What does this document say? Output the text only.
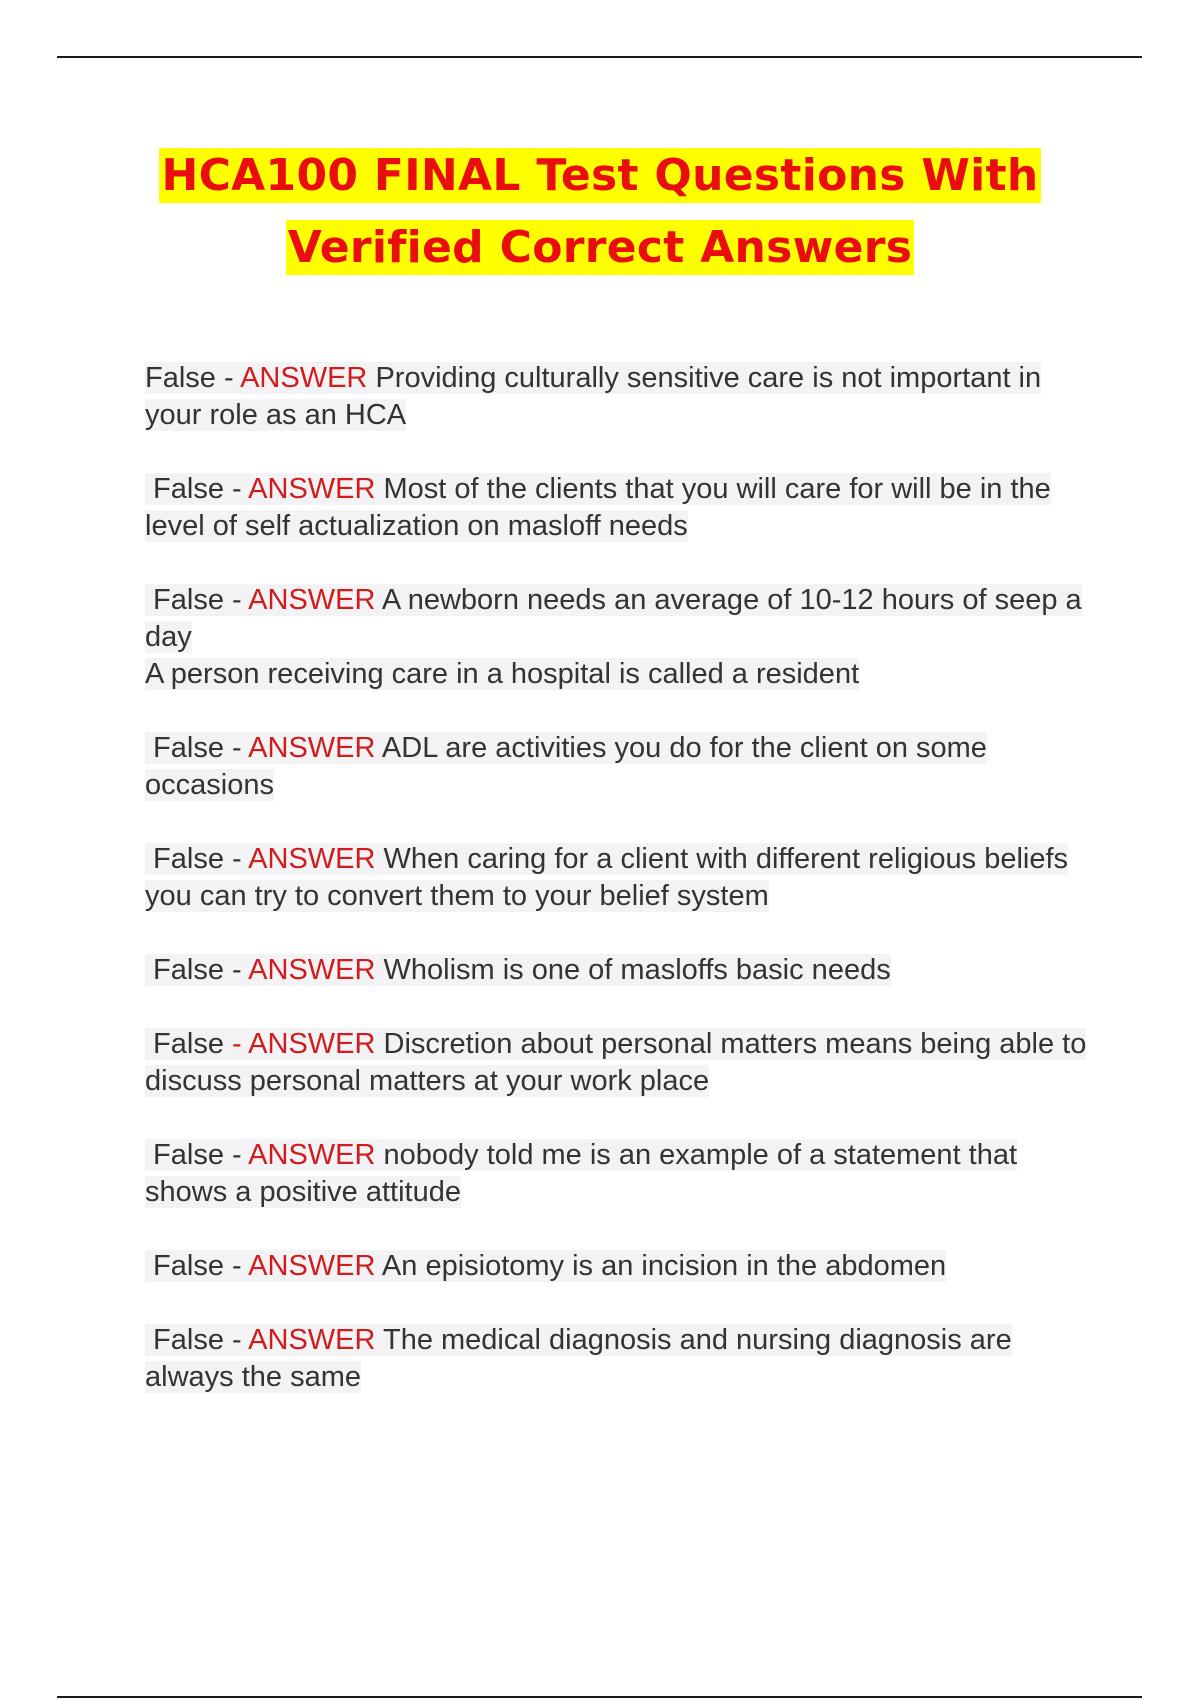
HCA100 FINAL Test Questions With
Verified Correct Answers
False - ANSWER Providing culturally sensitive care is not important in your role as an HCA
False - ANSWER Most of the clients that you will care for will be in the level of self actualization on masloff needs
False - ANSWER A newborn needs an average of 10-12 hours of seep a day
A person receiving care in a hospital is called a resident
False - ANSWER ADL are activities you do for the client on some occasions
False - ANSWER When caring for a client with different religious beliefs you can try to convert them to your belief system
False - ANSWER Wholism is one of masloffs basic needs
False - ANSWER Discretion about personal matters means being able to discuss personal matters at your work place
False - ANSWER nobody told me is an example of a statement that shows a positive attitude
False - ANSWER An episiotomy is an incision in the abdomen
False - ANSWER The medical diagnosis and nursing diagnosis are always the same
